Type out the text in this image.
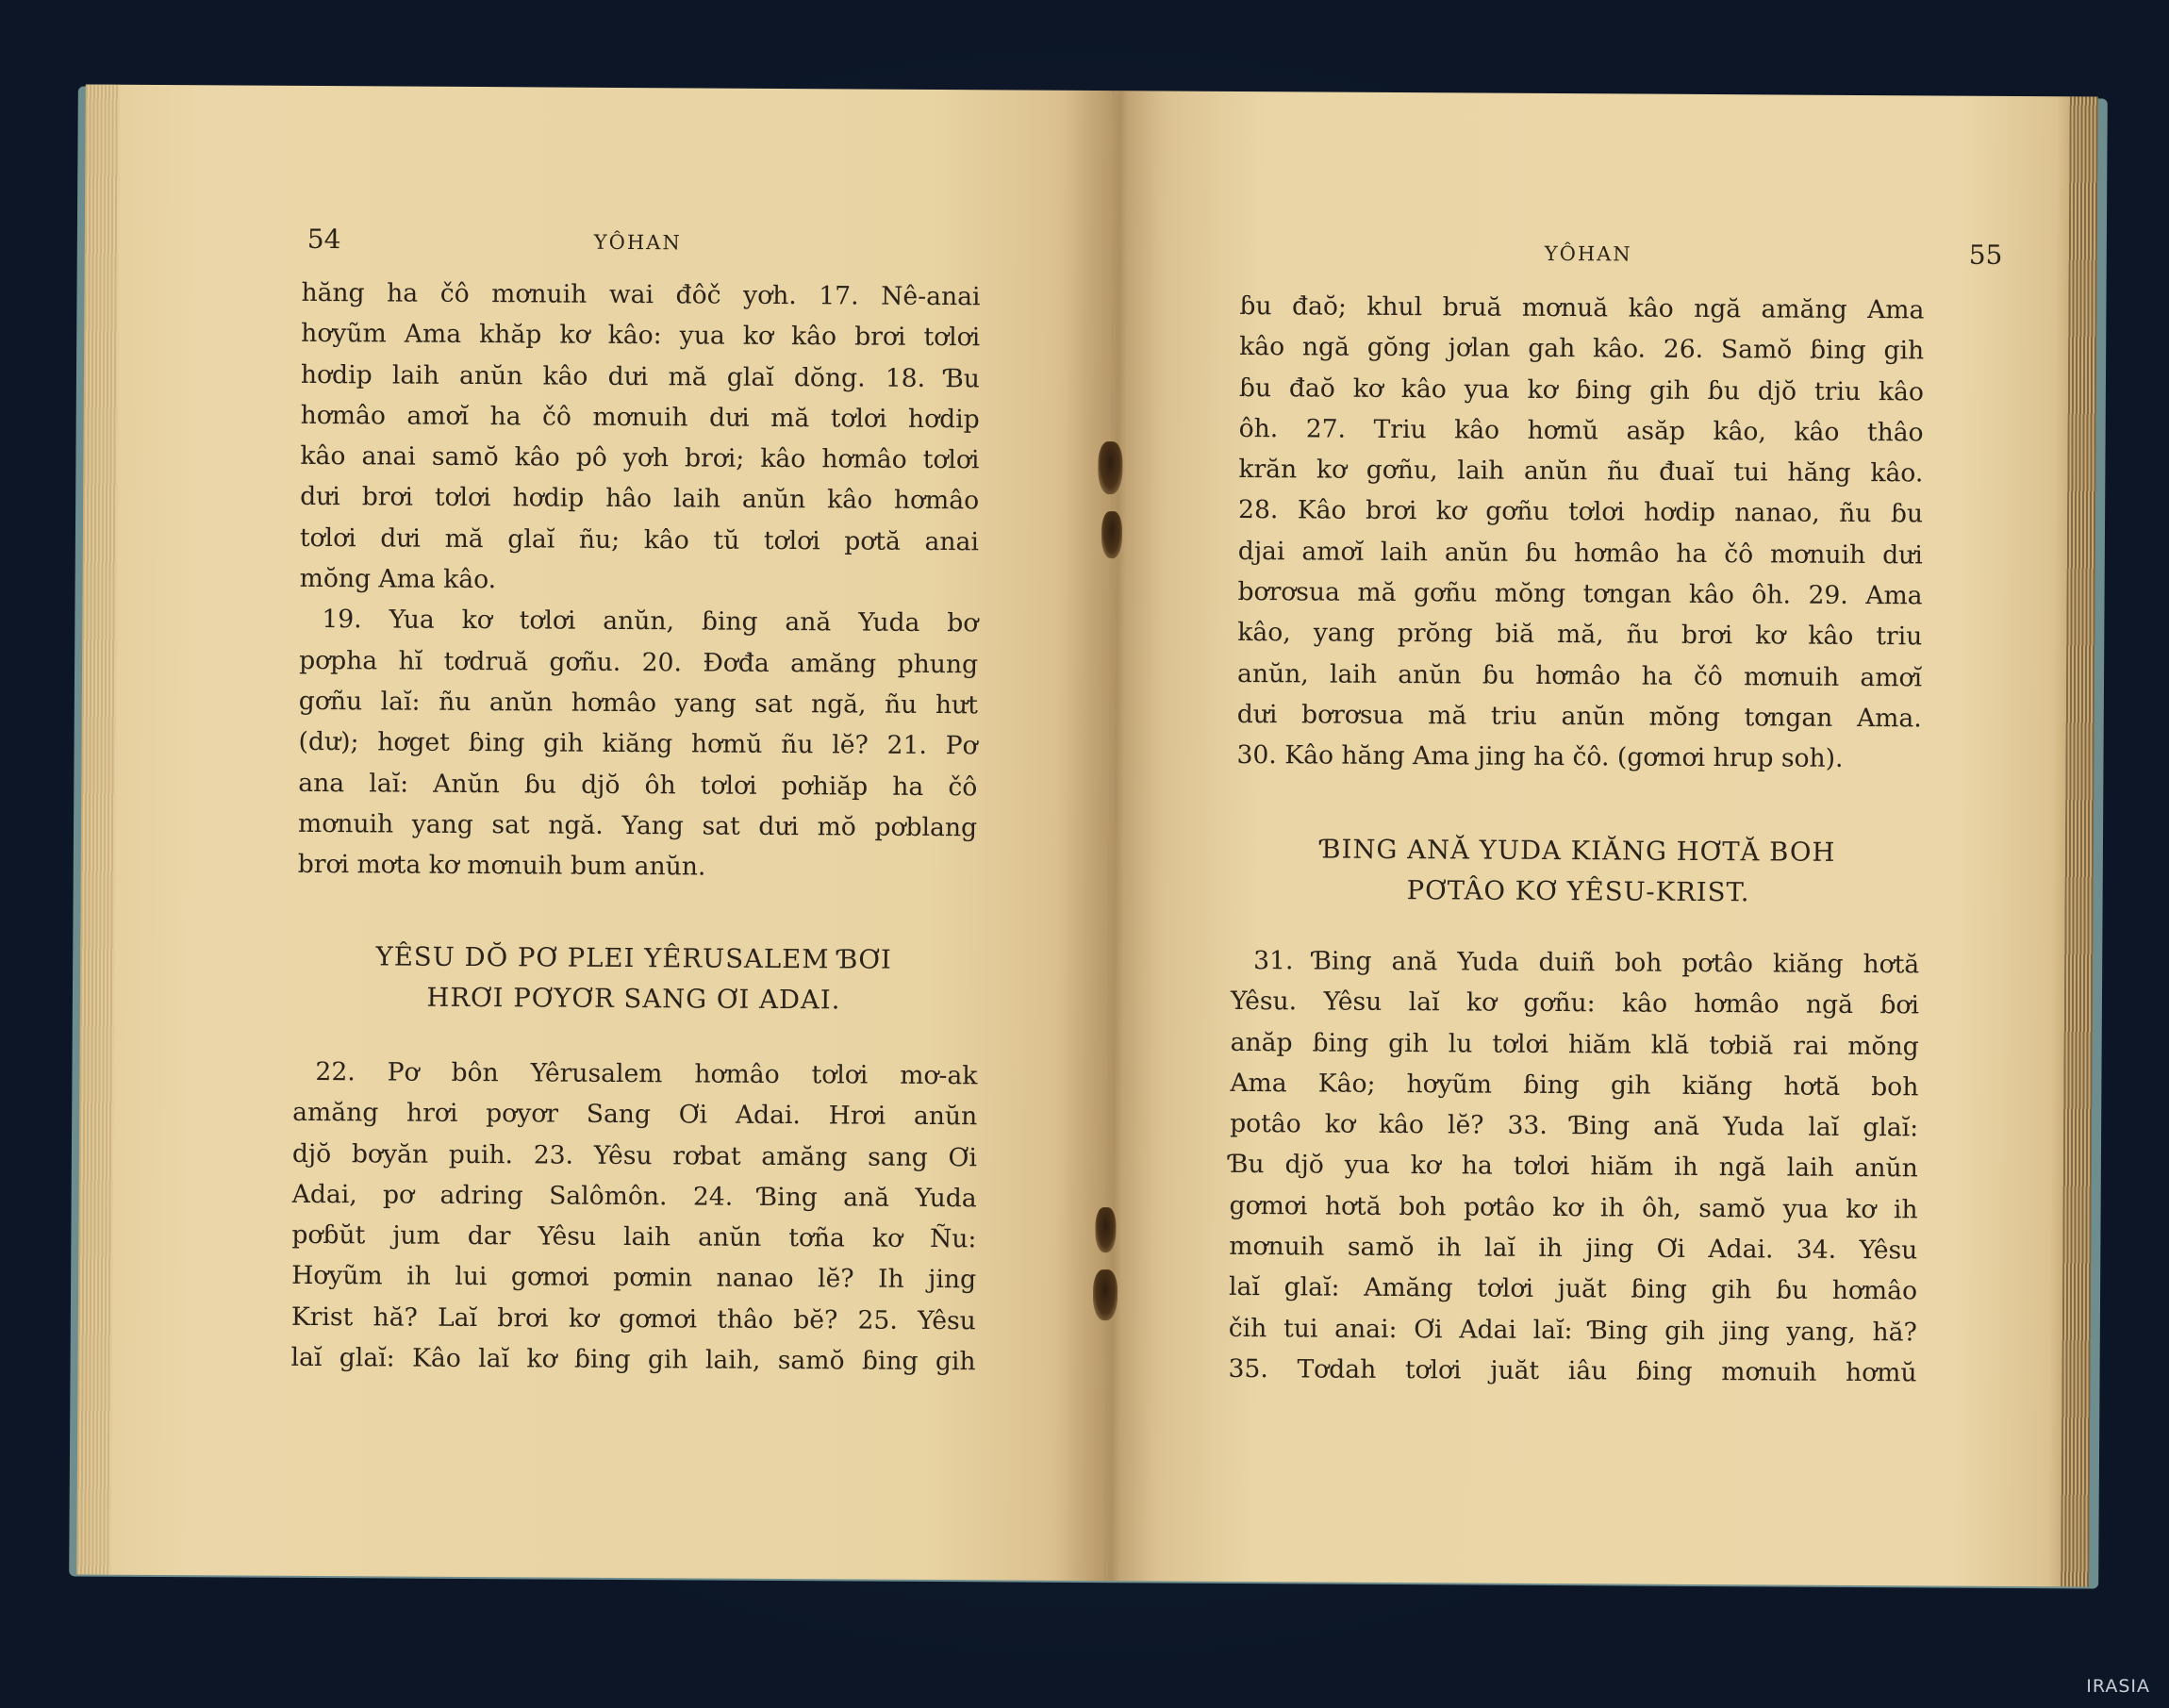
54	YÔHAN
hăng ha čô mơnuih wai đôč yơh. 17. Nê-anai
hơyũm Ama khăp kơ kâo: yua kơ kâo brơi tơlơi
hơdip laih anŭn kâo dưi mă glaĭ dŏng. 18. Ɓu
hơmâo amơĭ ha čô mơnuih dưi mă tơlơi hơdip
kâo anai samŏ kâo pô yơh brơi; kâo hơmâo tơlơi
dưi brơi tơlơi hơdip hâo laih anŭn kâo hơmâo
tơlơi dưi mă glaĭ ñu; kâo tŭ tơlơi pơtă anai
mŏng Ama kâo.
19. Yua kơ tơlơi anŭn, ɓing ană Yuda bơ
pơpha hĭ tơdruă gơñu. 20. Đơđa amăng phung
gơñu laĭ: ñu anŭn hơmâo yang sat ngă, ñu hưt
(dư); hơget ɓing gih kiăng hơmŭ ñu lĕ? 21. Pơ
ana laĭ: Anŭn ɓu djŏ ôh tơlơi pơhiăp ha čô
mơnuih yang sat ngă. Yang sat dưi mŏ pơblang
brơi mơta kơ mơnuih bum anŭn.
YÊSU DŎ PƠ PLEI YÊRUSALEM ƁƠI
HRƠI PƠYƠR SANG ƠI ADAI.
22. Pơ bôn Yêrusalem hơmâo tơlơi mơ-ak
amăng hrơi pơyơr Sang Ơi Adai. Hrơi anŭn
djŏ bơyăn puih. 23. Yêsu rơbat amăng sang Ơi
Adai, pơ adring Salômôn. 24. Ɓing ană Yuda
pơɓŭt jum dar Yêsu laih anŭn tơña kơ Ñu:
Hơyũm ih lui gơmơi pơmin nanao lĕ? Ih jing
Krist hă? Laĭ brơi kơ gơmơi thâo bĕ? 25. Yêsu
laĭ glaĭ: Kâo laĭ kơ ɓing gih laih, samŏ ɓing gih
YÔHAN	55
ɓu đaŏ; khul bruă mơnuă kâo ngă amăng Ama
kâo ngă gŏng jơlan gah kâo. 26. Samŏ ɓing gih
ɓu đaŏ kơ kâo yua kơ ɓing gih ɓu djŏ triu kâo
ôh. 27. Triu kâo hơmŭ asăp kâo, kâo thâo
krăn kơ gơñu, laih anŭn ñu đuaĭ tui hăng kâo.
28. Kâo brơi kơ gơñu tơlơi hơdip nanao, ñu ɓu
djai amơĭ laih anŭn ɓu hơmâo ha čô mơnuih dưi
bơrơsua mă gơñu mŏng tơngan kâo ôh. 29. Ama
kâo, yang prŏng biă mă, ñu brơi kơ kâo triu
anŭn, laih anŭn ɓu hơmâo ha čô mơnuih amơĭ
dưi bơrơsua mă triu anŭn mŏng tơngan Ama.
30. Kâo hăng Ama jing ha čô. (gơmơi hrup soh).
ƁING ANĂ YUDA KIĂNG HƠTĂ BOH
PƠTÂO KƠ YÊSU-KRIST.
31. Ɓing ană Yuda duiñ boh pơtâo kiăng hơtă
Yêsu. Yêsu laĭ kơ gơñu: kâo hơmâo ngă ɓơi
anăp ɓing gih lu tơlơi hiăm klă tơbiă rai mŏng
Ama Kâo; hơyũm ɓing gih kiăng hơtă boh
potâo kơ kâo lĕ? 33. Ɓing ană Yuda laĭ glaĭ:
Ɓu djŏ yua kơ ha tơlơi hiăm ih ngă laih anŭn
gơmơi hơtă boh pơtâo kơ ih ôh, samŏ yua kơ ih
mơnuih samŏ ih laĭ ih jing Ơi Adai. 34. Yêsu
laĭ glaĭ: Amăng tơlơi juăt ɓing gih ɓu hơmâo
čih tui anai: Ơi Adai laĭ: Ɓing gih jing yang, hă?
35. Tơdah tơlơi juăt iâu ɓing mơnuih hơmŭ
IRASIA
